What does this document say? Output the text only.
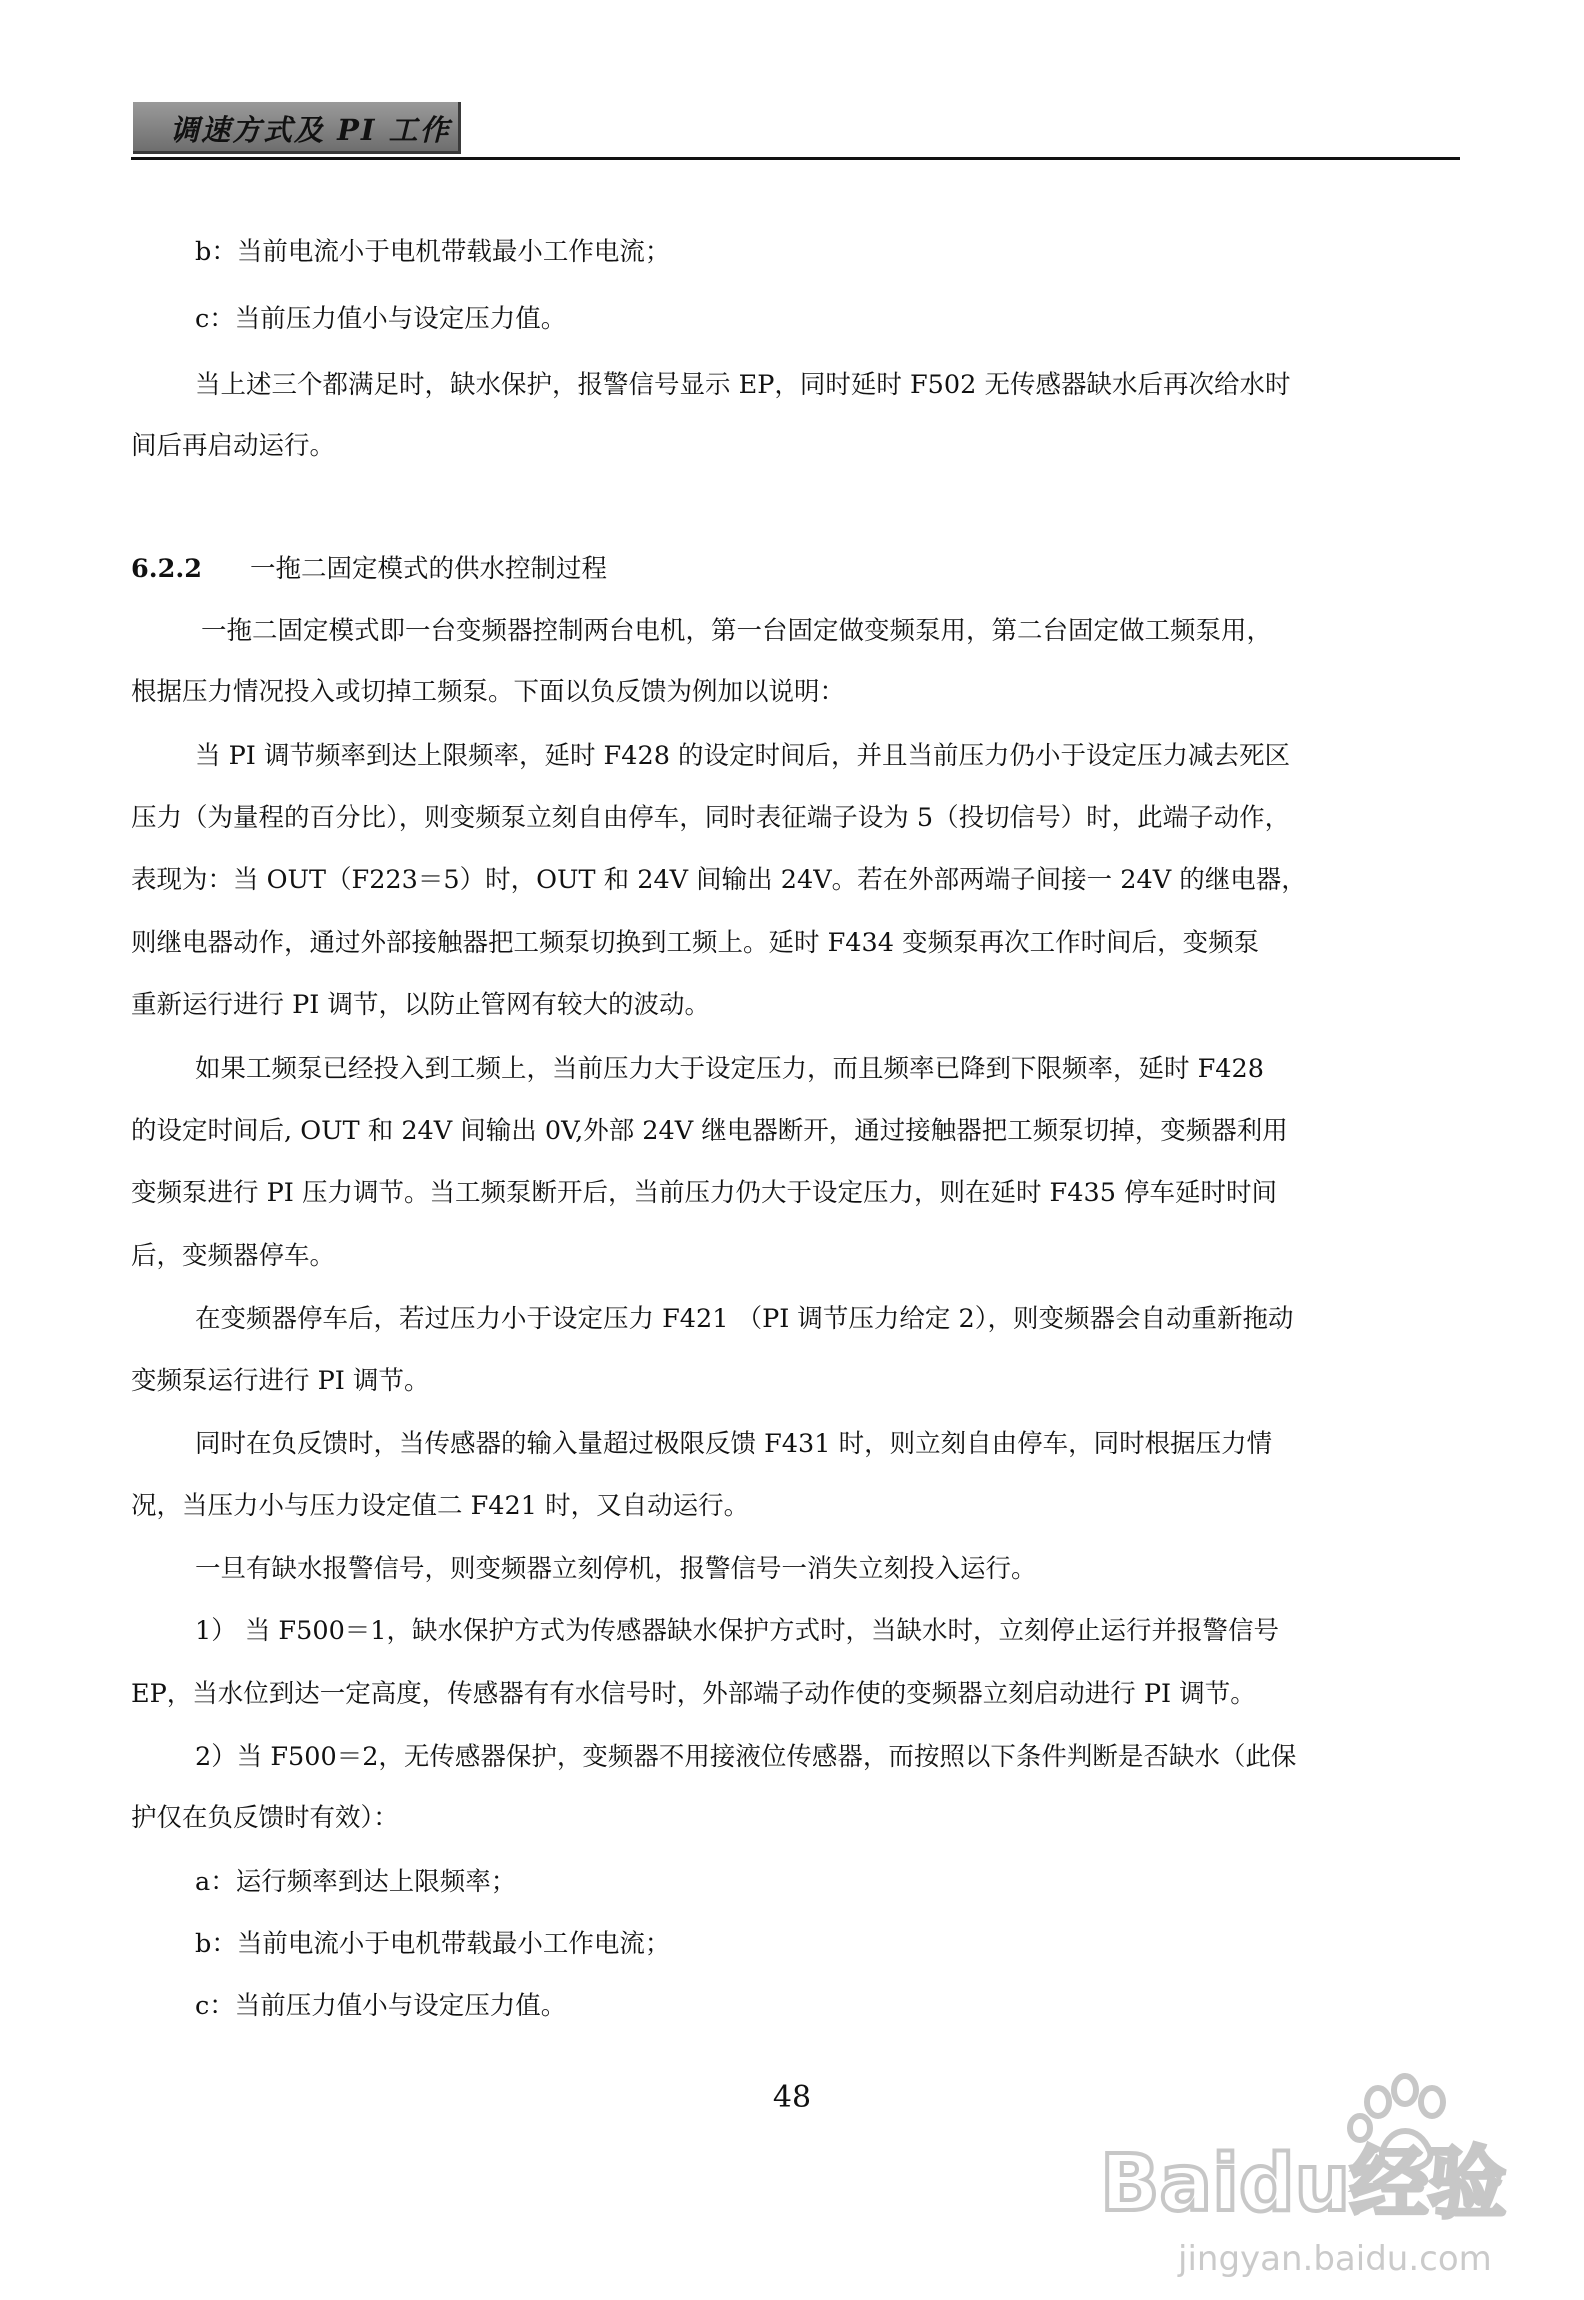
调速方式及 PI 工作
b：当前电流小于电机带载最小工作电流；
c：当前压力值小与设定压力值。
当上述三个都满足时，缺水保护，报警信号显示 EP，同时延时 F502 无传感器缺水后再次给水时
间后再启动运行。
6.2.2 一拖二固定模式的供水控制过程
一拖二固定模式即一台变频器控制两台电机，第一台固定做变频泵用，第二台固定做工频泵用，
根据压力情况投入或切掉工频泵。下面以负反馈为例加以说明：
当 PI 调节频率到达上限频率，延时 F428 的设定时间后，并且当前压力仍小于设定压力减去死区
压力（为量程的百分比），则变频泵立刻自由停车，同时表征端子设为 5（投切信号）时，此端子动作，
表现为：当 OUT（F223＝5）时，OUT 和 24V 间输出 24V。若在外部两端子间接一 24V 的继电器，
则继电器动作，通过外部接触器把工频泵切换到工频上。延时 F434 变频泵再次工作时间后，变频泵
重新运行进行 PI 调节，以防止管网有较大的波动。
如果工频泵已经投入到工频上，当前压力大于设定压力，而且频率已降到下限频率，延时 F428
的设定时间后, OUT 和 24V 间输出 0V,外部 24V 继电器断开，通过接触器把工频泵切掉，变频器利用
变频泵进行 PI 压力调节。当工频泵断开后，当前压力仍大于设定压力，则在延时 F435 停车延时时间
后，变频器停车。
在变频器停车后，若过压力小于设定压力 F421 （PI 调节压力给定 2），则变频器会自动重新拖动
变频泵运行进行 PI 调节。
同时在负反馈时，当传感器的输入量超过极限反馈 F431 时，则立刻自由停车，同时根据压力情
况，当压力小与压力设定值二 F421 时，又自动运行。
一旦有缺水报警信号，则变频器立刻停机，报警信号一消失立刻投入运行。
1） 当 F500＝1，缺水保护方式为传感器缺水保护方式时，当缺水时，立刻停止运行并报警信号
EP，当水位到达一定高度，传感器有有水信号时，外部端子动作使的变频器立刻启动进行 PI 调节。
2）当 F500＝2，无传感器保护，变频器不用接液位传感器，而按照以下条件判断是否缺水（此保
护仅在负反馈时有效）：
a：运行频率到达上限频率；
b：当前电流小于电机带载最小工作电流；
c：当前压力值小与设定压力值。
48
Baidu经验
jingyan.baidu.com
